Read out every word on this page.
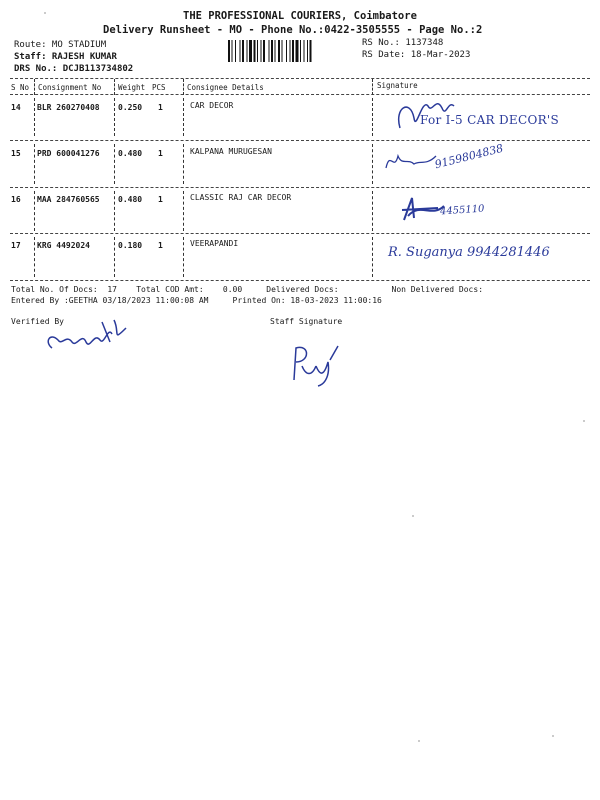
THE PROFESSIONAL COURIERS, Coimbatore
Delivery Runsheet - MO - Phone No.:0422-3505555 - Page No.:2
Route: MO STADIUM
Staff: RAJESH KUMAR
DRS No.: DCJB113734802
RS No.: 1137348
RS Date: 18-Mar-2023
S No Consignment No Weight PCS	Consignee Details	Signature
14 BLR 260270408 0.250 1	CAR DECOR
For I-5 CAR DECOR'S
15 PRD 600041276 0.480 1	KALPANA MURUGESAN	9159804838
16 MAA 284760565 0.480 1	CLASSIC RAJ CAR DECOR
4455110
17 KRG 4492024	0.180 1	VEERAPANDI
R. Suganya 9944281446
Total No. Of Docs:  17    Total COD Amt:    0.00     Delivered Docs:           Non Delivered Docs:
Entered By :GEETHA 03/18/2023 11:00:08 AM     Printed On: 18-03-2023 11:00:16
Verified By	Staff Signature
